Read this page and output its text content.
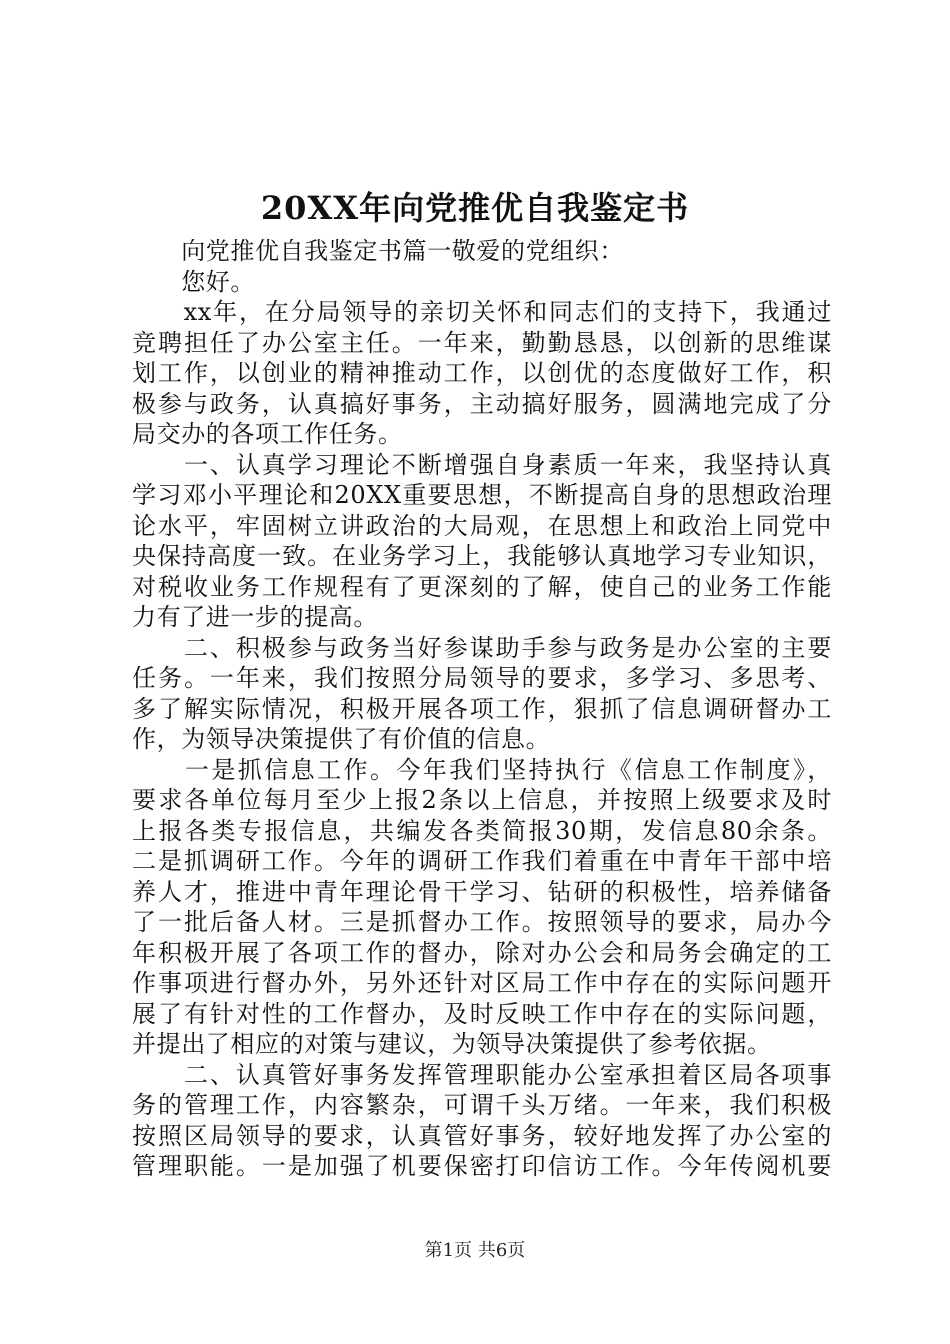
20XX年向党推优自我鉴定书
　　向党推优自我鉴定书篇一敬爱的党组织：
　　您好。
　　xx年，在分局领导的亲切关怀和同志们的支持下，我通过
竞聘担任了办公室主任。一年来，勤勤恳恳，以创新的思维谋
划工作，以创业的精神推动工作，以创优的态度做好工作，积
极参与政务，认真搞好事务，主动搞好服务，圆满地完成了分
局交办的各项工作任务。
　　一、认真学习理论不断增强自身素质一年来，我坚持认真
学习邓小平理论和20XX重要思想，不断提高自身的思想政治理
论水平，牢固树立讲政治的大局观，在思想上和政治上同党中
央保持高度一致。在业务学习上，我能够认真地学习专业知识，
对税收业务工作规程有了更深刻的了解，使自己的业务工作能
力有了进一步的提高。
　　二、积极参与政务当好参谋助手参与政务是办公室的主要
任务。一年来，我们按照分局领导的要求，多学习、多思考、
多了解实际情况，积极开展各项工作，狠抓了信息调研督办工
作，为领导决策提供了有价值的信息。
　　一是抓信息工作。今年我们坚持执行《信息工作制度》，
要求各单位每月至少上报2条以上信息，并按照上级要求及时
上报各类专报信息，共编发各类简报30期，发信息80余条。
二是抓调研工作。今年的调研工作我们着重在中青年干部中培
养人才，推进中青年理论骨干学习、钻研的积极性，培养储备
了一批后备人材。三是抓督办工作。按照领导的要求，局办今
年积极开展了各项工作的督办，除对办公会和局务会确定的工
作事项进行督办外，另外还针对区局工作中存在的实际问题开
展了有针对性的工作督办，及时反映工作中存在的实际问题，
并提出了相应的对策与建议，为领导决策提供了参考依据。
　　二、认真管好事务发挥管理职能办公室承担着区局各项事
务的管理工作，内容繁杂，可谓千头万绪。一年来，我们积极
按照区局领导的要求，认真管好事务，较好地发挥了办公室的
管理职能。一是加强了机要保密打印信访工作。今年传阅机要
第1页 共6页
